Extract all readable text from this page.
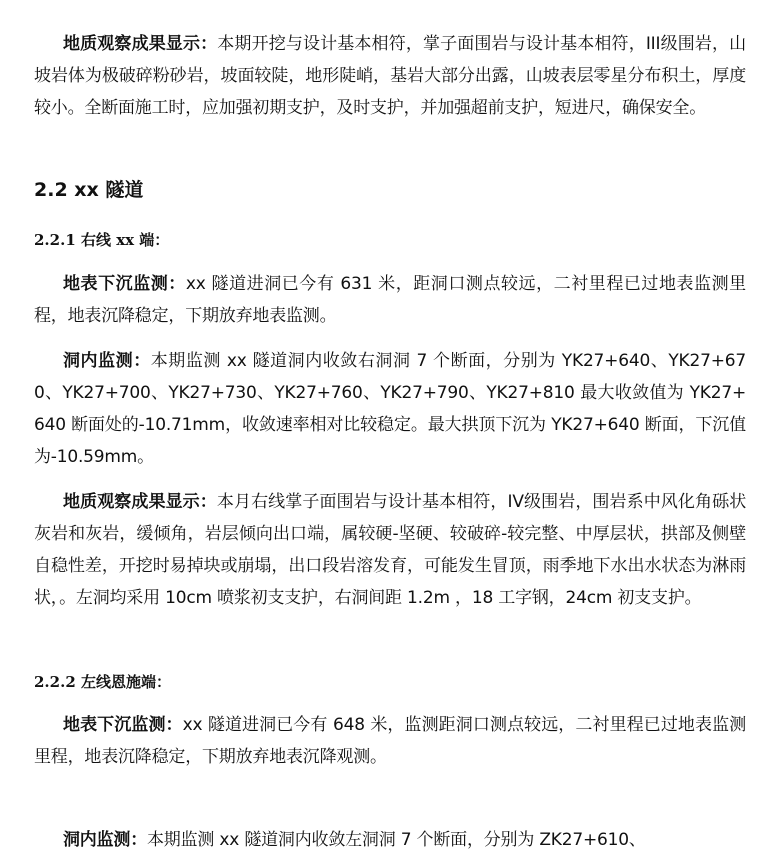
地质观察成果显示：本期开挖与设计基本相符，掌子面围岩与设计基本相符，III级围岩，山坡岩体为极破碎粉砂岩，坡面较陡，地形陡峭，基岩大部分出露，山坡表层零星分布积土，厚度较小。全断面施工时，应加强初期支护，及时支护，并加强超前支护，短进尺，确保安全。

2.2 xx 隧道
2.2.1 右线 xx 端：

地表下沉监测：xx 隧道进洞已今有 631 米，距洞口测点较远，二衬里程已过地表监测里程，地表沉降稳定，下期放弃地表监测。

洞内监测：本期监测 xx 隧道洞内收敛右洞洞 7 个断面，分别为 YK27+640、YK27+670、YK27+700、YK27+730、YK27+760、YK27+790、YK27+810 最大收敛值为 YK27+640 断面处的-10.71mm，收敛速率相对比较稳定。最大拱顶下沉为 YK27+640 断面，下沉值为-10.59mm。

地质观察成果显示：本月右线掌子面围岩与设计基本相符，IV级围岩，围岩系中风化角砾状灰岩和灰岩，缓倾角，岩层倾向出口端，属较硬-坚硬、较破碎-较完整、中厚层状，拱部及侧壁自稳性差，开挖时易掉块或崩塌，出口段岩溶发育，可能发生冒顶，雨季地下水出水状态为淋雨状，。左洞均采用 10cm 喷浆初支支护，右洞间距 1.2m ，18 工字钢，24cm 初支支护。

2.2.2 左线恩施端：

地表下沉监测：xx 隧道进洞已今有 648 米，监测距洞口测点较远，二衬里程已过地表监测里程，地表沉降稳定，下期放弃地表沉降观测。

洞内监测：本期监测 xx 隧道洞内收敛左洞洞 7 个断面，分别为 ZK27+610、
